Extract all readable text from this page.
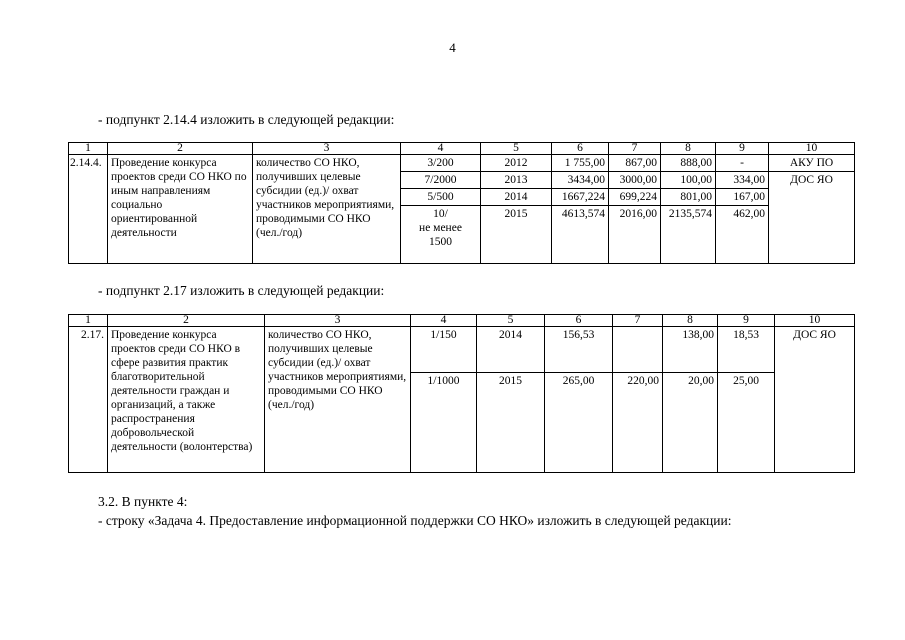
4
- подпункт 2.14.4 изложить в следующей редакции:
1	2	3	4	5	6	7	8	9	10
2.14.4.	Проведение конкурса проектов среди СО НКО по иным направлениям социально ориентированной деятельности	количество СО НКО, получивших целевые субсидии (ед.)/ охват участников мероприятиями, проводимыми СО НКО (чел./год)	3/200	2012	1 755,00	867,00	888,00	-	АКУ ПО
			7/2000	2013	3434,00	3000,00	100,00	334,00	ДОС ЯО
			5/500	2014	1667,224	699,224	801,00	167,00	
			10/
не менее
1500	2015	4613,574	2016,00	2135,574	462,00	
- подпункт 2.17 изложить в следующей редакции:
1	2	3	4	5	6	7	8	9	10
2.17.	Проведение конкурса проектов среди СО НКО в сфере развития практик благотворительной деятельности граждан и организаций, а также распространения добровольческой деятельности (волонтерства)	количество СО НКО, получивших целевые субсидии (ед.)/ охват участников мероприятиями, проводимыми СО НКО (чел./год)	1/150	2014	156,53		138,00	18,53	ДОС ЯО
			1/1000	2015	265,00	220,00	20,00	25,00	
3.2. В пункте 4:
- строку «Задача 4. Предоставление информационной поддержки СО НКО» изложить в следующей редакции:
